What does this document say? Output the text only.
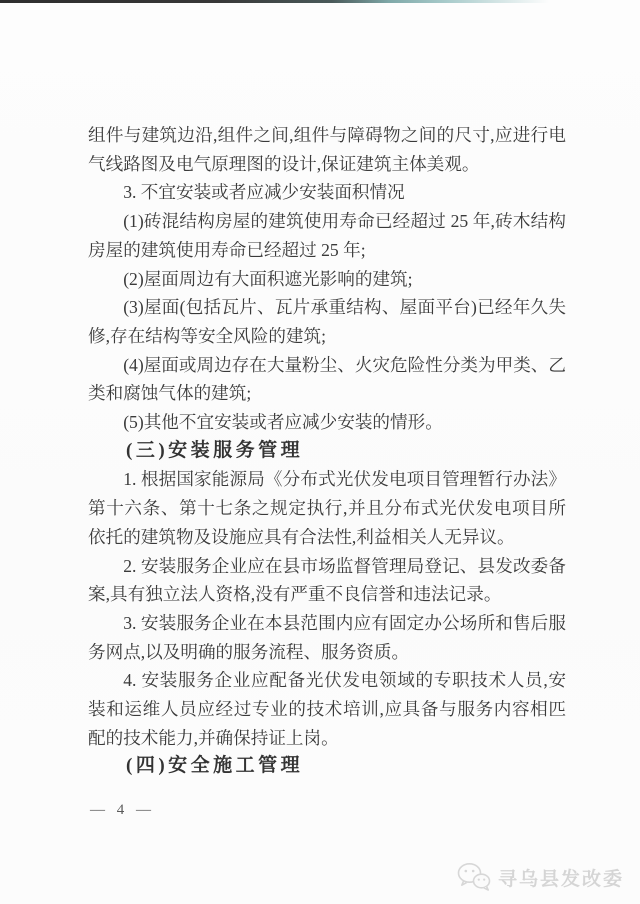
组件与建筑边沿,组件之间,组件与障碍物之间的尺寸,应进行电气线路图及电气原理图的设计,保证建筑主体美观。

3. 不宜安装或者应减少安装面积情况

(1)砖混结构房屋的建筑使用寿命已经超过 25 年,砖木结构房屋的建筑使用寿命已经超过 25 年;

(2)屋面周边有大面积遮光影响的建筑;

(3)屋面(包括瓦片、瓦片承重结构、屋面平台)已经年久失修,存在结构等安全风险的建筑;

(4)屋面或周边存在大量粉尘、火灾危险性分类为甲类、乙类和腐蚀气体的建筑;

(5)其他不宜安装或者应减少安装的情形。

(三)安装服务管理

1. 根据国家能源局《分布式光伏发电项目管理暂行办法》第十六条、第十七条之规定执行,并且分布式光伏发电项目所依托的建筑物及设施应具有合法性,利益相关人无异议。

2. 安装服务企业应在县市场监督管理局登记、县发改委备案,具有独立法人资格,没有严重不良信誉和违法记录。

3. 安装服务企业在本县范围内应有固定办公场所和售后服务网点,以及明确的服务流程、服务资质。

4. 安装服务企业应配备光伏发电领域的专职技术人员,安装和运维人员应经过专业的技术培训,应具备与服务内容相匹配的技术能力,并确保持证上岗。

(四)安全施工管理

— 4 —
寻乌县发改委
